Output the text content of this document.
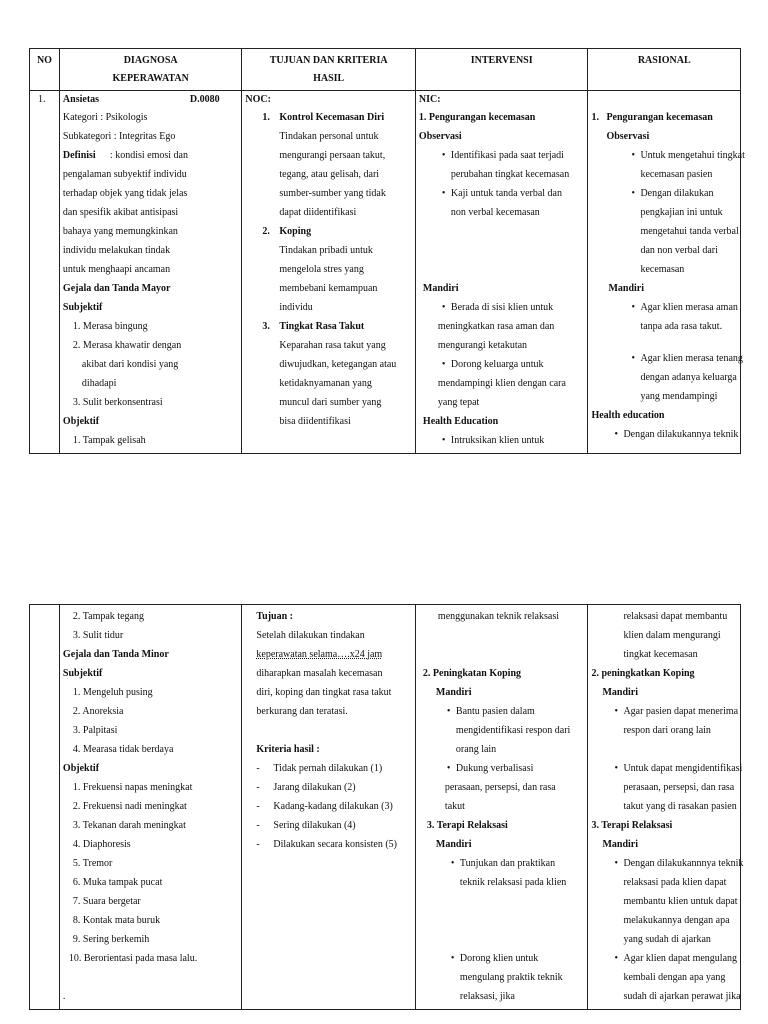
NO
1.
DIAGNOSA
KEPERAWATAN
Ansietas	D.0080
Kategori : Psikologis
Subkategori : Integritas Ego
Definisi : kondisi emosi dan
pengalaman subyektif individu
terhadap objek yang tidak jelas
dan spesifik akibat antisipasi
bahaya yang memungkinkan
individu melakukan tindak
untuk menghaapi ancaman
Gejala dan Tanda Mayor
Subjektif
1. Merasa bingung
2. Merasa khawatir dengan
akibat dari kondisi yang
dihadapi
3. Sulit berkonsentrasi
Objektif
1. Tampak gelisah
TUJUAN DAN KRITERIA
HASIL
NOC:
1. Kontrol Kecemasan Diri
Tindakan personal untuk
mengurangi persaan takut,
tegang, atau gelisah, dari
sumber-sumber yang tidak
dapat diidentifikasi
2. Koping
Tindakan pribadi untuk
mengelola stres yang
membebani kemampuan
individu
3. Tingkat Rasa Takut
Keparahan rasa takut yang
diwujudkan, ketegangan atau
ketidaknyamanan yang
muncul dari sumber yang
bisa diidentifikasi
INTERVENSI
NIC:
1. Pengurangan kecemasan
Observasi
• Identifikasi pada saat terjadi
perubahan tingkat kecemasan
• Kaji untuk tanda verbal dan
non verbal kecemasan
Mandiri
• Berada di sisi klien untuk
meningkatkan rasa aman dan
mengurangi ketakutan
• Dorong keluarga untuk
mendampingi klien dengan cara
yang tepat
Health Education
• Intruksikan klien untuk
RASIONAL
1. Pengurangan kecemasan
Observasi
• Untuk mengetahui tingkat
kecemasan pasien
• Dengan dilakukan
pengkajian ini untuk
mengetahui tanda verbal
dan non verbal dari
kecemasan
Mandiri
• Agar klien merasa aman
tanpa ada rasa takut.
• Agar klien merasa tenang
dengan adanya keluarga
yang mendampingi
Health education
• Dengan dilakukannya teknik
2. Tampak tegang
3. Sulit tidur
Gejala dan Tanda Minor
Subjektif
1. Mengeluh pusing
2. Anoreksia
3. Palpitasi
4. Mearasa tidak berdaya
Objektif
1. Frekuensi napas meningkat
2. Frekuensi nadi meningkat
3. Tekanan darah meningkat
4. Diaphoresis
5. Tremor
6. Muka tampak pucat
7. Suara bergetar
8. Kontak mata buruk
9. Sering berkemih
10. Berorientasi pada masa lalu.
.
Tujuan :
Setelah dilakukan tindakan
keperawatan selama….x24 jam
diharapkan masalah kecemasan
diri, koping dan tingkat rasa takut
berkurang dan teratasi.
Kriteria hasil :
- Tidak pernah dilakukan (1)
- Jarang dilakukan (2)
- Kadang-kadang dilakukan (3)
- Sering dilakukan (4)
- Dilakukan secara konsisten (5)
menggunakan teknik relaksasi
2. Peningkatan Koping
Mandiri
• Bantu pasien dalam
mengidentifikasi respon dari
orang lain
• Dukung verbalisasi
perasaan, persepsi, dan rasa
takut
3. Terapi Relaksasi
Mandiri
• Tunjukan dan praktikan
teknik relaksasi pada klien
• Dorong klien untuk
mengulang praktik teknik
relaksasi, jika
relaksasi dapat membantu
klien dalam mengurangi
tingkat kecemasan
2. peningkatkan Koping
Mandiri
• Agar pasien dapat menerima
respon dari orang lain
• Untuk dapat mengidentifikasi
perasaan, persepsi, dan rasa
takut yang di rasakan pasien
3. Terapi Relaksasi
Mandiri
• Dengan dilakukannnya teknik
relaksasi pada klien dapat
membantu klien untuk dapat
melakukannya dengan apa
yang sudah di ajarkan
• Agar klien dapat mengulang
kembali dengan apa yang
sudah di ajarkan perawat jika
